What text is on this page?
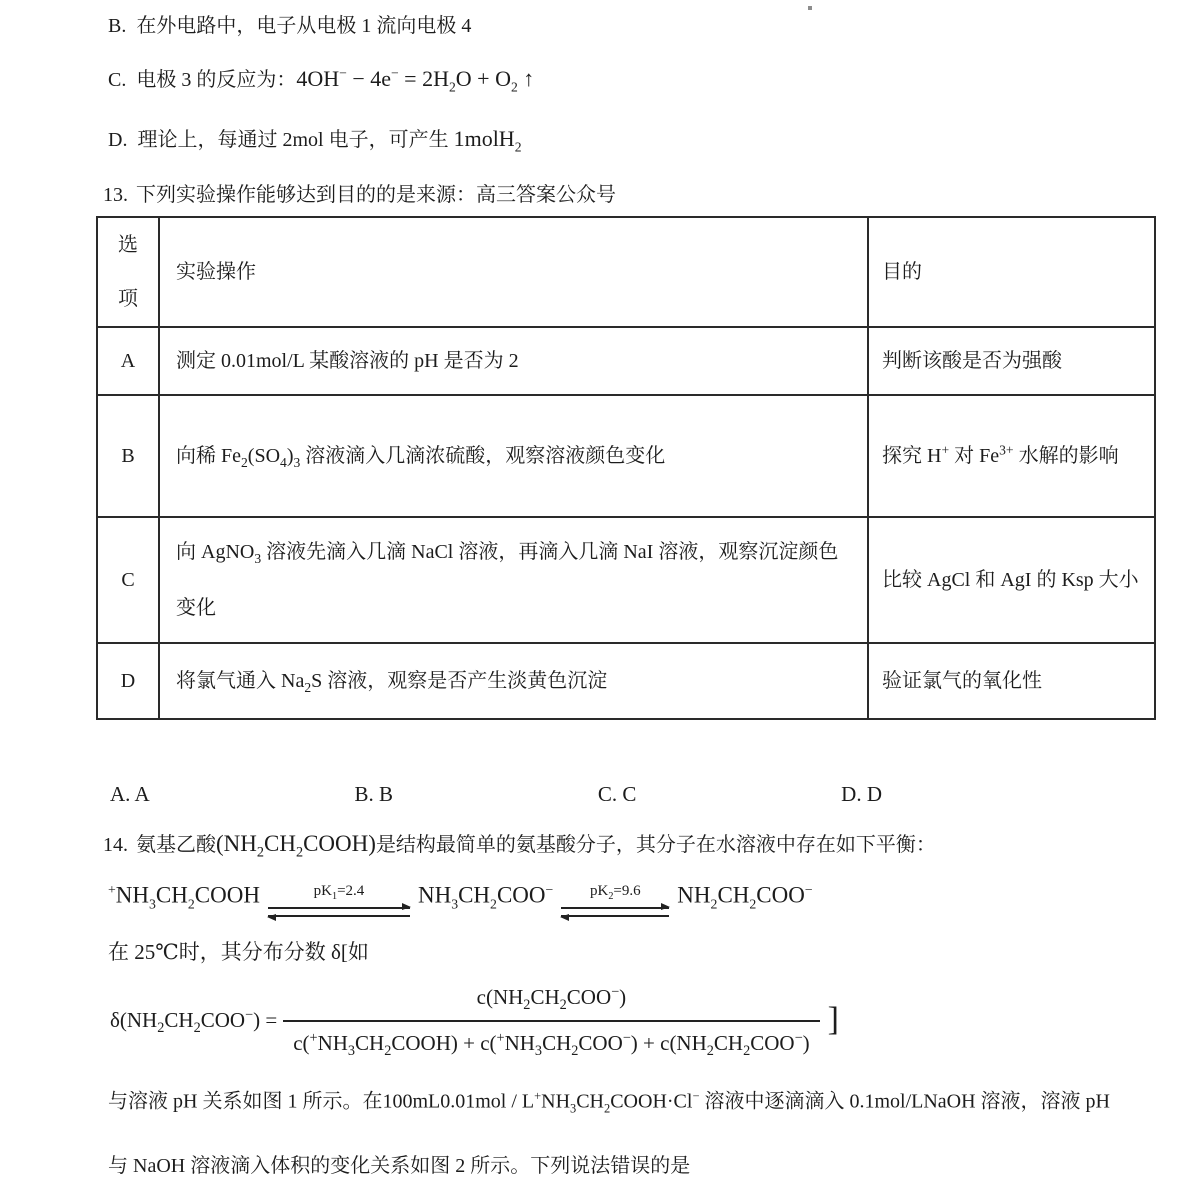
B. 在外电路中，电子从电极 1 流向电极 4
C. 电极 3 的反应为：$4OH^- - 4e^- = 2H_2O + O_2$ ↑
D. 理论上，每通过 2mol 电子，可产生 1molH$_2$
13. 下列实验操作能够达到目的的是来源：高三答案公众号
选项	实验操作	目的
A	测定 0.01mol/L 某酸溶液的 pH 是否为 2	判断该酸是否为强酸
B	向稀 $Fe_2(SO_4)_3$ 溶液滴入几滴浓硫酸，观察溶液颜色变化	探究 H+ 对 $Fe^{3+}$ 水解的影响
C	向 AgNO$_3$ 溶液先滴入几滴 NaCl 溶液，再滴入几滴 NaI 溶液，观察沉淀颜色变化	比较 AgCl 和 AgI 的 Ksp 大小
D	将氯气通入 $Na_2S$ 溶液，观察是否产生淡黄色沉淀	验证氯气的氧化性
A. A	B. B	C. C	D. D
14. 氨基乙酸$(NH_2CH_2COOH)$是结构最简单的氨基酸分子，其分子在水溶液中存在如下平衡：
$^+NH_3CH_2COOH$	$pK_1=2.4$ $NH_3CH_2COO^-$ $pK_2=9.6$ $NH_2CH_2COO^-$
在 25℃时，其分布分数 δ[如
$\delta(NH_2CH_2COO^-) = \frac{c(NH_2CH_2COO^-)}{c(^+NH_3CH_2COOH) + c(^+NH_3CH_2COO^-) + c(NH_2CH_2COO^-)}$ ]
与溶液 pH 关系如图 1 所示。在$100mL0.01mol / L^+NH_3CH_2COOH\cdot Cl^-$ 溶液中逐滴滴入 0.1mol/LNaOH 溶液，溶液 pH 与 NaOH 溶液滴入体积的变化关系如图 2 所示。下列说法错误的是
